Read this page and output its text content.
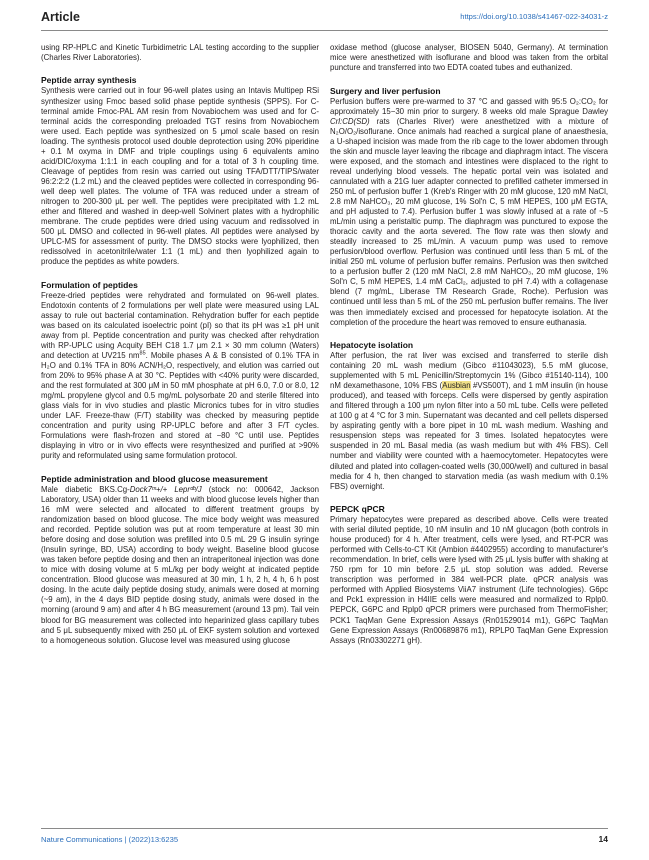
Article	https://doi.org/10.1038/s41467-022-34031-z

using RP-HPLC and Kinetic Turbidimetric LAL testing according to the supplier (Charles River Laboratories).

Peptide array synthesis

Synthesis were carried out in four 96-well plates using an Intavis Multipep RSi synthesizer using Fmoc based solid phase peptide synthesis (SPPS). For C-terminal amide Fmoc-PAL AM resin from Novabiochem was used and for C-terminal acids the corresponding preloaded TGT resins from Novabiochem were used. Each peptide was synthesized on 5 μmol scale based on resin loading. The synthesis protocol used double deprotection using 20% piperidine + 0.1 M oxyma in DMF and triple couplings using 6 equivalents amino acid/DIC/oxyma 1:1:1 in each coupling and for a total of 3 h coupling time. Cleavage of peptides from resin was carried out using TFA/DTT/TIPS/water 96:2:2:2 (1.2 mL) and the cleaved peptides were collected in corresponding 96-well deep well plates. The volume of TFA was reduced under a stream of nitrogen to 200-300 μL per well. The peptides were precipitated with 1.2 mL ether and filtered and washed in deep-well Solvinert plates with a hydrophilic membrane. The crude peptides were dried using vacuum and redissolved in 500 μL DMSO and collected in 96-well plates. All peptides were analysed by UPLC-MS for assessment of purity. The DMSO stocks were lyophilized, then redissolved in acetonitrile/water 1:1 (1 mL) and then lyophilized again to produce the peptides as white powders.

Formulation of peptides

Freeze-dried peptides were rehydrated and formulated on 96-well plates. Endotoxin contents of 2 formulations per well plate were measured using LAL assay to rule out bacterial contamination. Rehydration buffer for each peptide was based on its calculated isoelectric point (pI) so that its pH was ≥1 pH unit away from pI. Peptide concentration and purity was checked after rehydration with RP-UPLC using Acquity BEH C18 1.7 μm 2.1 × 30 mm column (Waters) and detection at UV215 $nm^{85}$. Mobile phases A & B consisted of 0.1% TFA in H₂O and 0.1% TFA in 80% ACN/H₂O, respectively, and elution was carried out from 20% to 95% phase A at 30 °C. Peptides with <40% purity were discarded, and the rest formulated at 300 μM in 50 mM phosphate at pH 6.0, 7.0 or 8.0, 12 mg/mL propylene glycol and 0.5 mg/mL polysorbate 20 and sterile filtered into glass vials for in vivo studies and plastic Micronics tubes for in vitro studies under LAF. Freeze-thaw (F/T) stability was checked by measuring peptide concentration and purity using RP-UPLC before and after 3 F/T cycles. Formulations were flash-frozen and stored at −80 °C until use. Peptides displaying in vitro or in vivo effects were resynthesized and purified at >90% purity and reformulated using same formulation protocol.

Peptide administration and blood glucose measurement

Male diabetic BKS.Cg-Dock7ᵐ+/+ Leprᵈᵇ/J (stock no: 000642, Jackson Laboratory, USA) older than 11 weeks and with blood glucose levels higher than 16 mM were selected and allocated to different treatment groups by randomization based on blood glucose. The mice body weight was measured and recorded. Peptide solution was put at room temperature at least 30 min before dosing and dose solution was prefilled into 0.5 mL 29 G insulin syringe (Insulin syringe, BD, USA) according to body weight. Baseline blood glucose was taken before peptide dosing and then an intraperitoneal injection was done to mice with dosing volume at 5 mL/kg per body weight at indicated peptide concentration. Blood glucose was measured at 30 min, 1 h, 2 h, 4 h, 6 h post dosing. In the acute daily peptide dosing study, animals were dosed at morning (~9 am), in the 4 days BID peptide dosing study, animals were dosed in the morning (around 9 am) and after 4 h BG measurement (around 13 pm). Tail vein blood for BG measurement was collected into heparinized glass capillary tubes and 5 μL subsequently mixed with 250 μL of EKF system solution and vortexed to a homogeneous solution. Glucose level was measured using glucose

oxidase method (glucose analyser, BIOSEN 5040, Germany). At termination mice were anesthetized with isoflurane and blood was taken from the orbital puncture and transferred into two EDTA coated tubes and euthanized.

Surgery and liver perfusion

Perfusion buffers were pre-warmed to 37 °C and gassed with 95:5 O₂:CO₂ for approximately 15−30 min prior to surgery. 8 weeks old male Sprague Dawley Crl:CD(SD) rats (Charles River) were anesthetized with a mixture of N₂O/O₂/isoflurane. Once animals had reached a surgical plane of anaesthesia, a U-shaped incision was made from the rib cage to the lower abdomen through the skin and muscle layer leaving the ribcage and diaphragm intact. The viscera were exposed, and the stomach and intestines were displaced to the right to reveal underlying blood vessels. The hepatic portal vein was isolated and cannulated with a 21G luer adapter connected to prefilled catheter immersed in 250 mL of perfusion buffer 1 (Kreb's Ringer with 20 mM glucose, 120 mM NaCl, 2.8 mM NaHCO₃, 20 mM glucose, 1% Sol'n C, 5 mM HEPES, 100 μM EGTA, and pH adjusted to 7.4). Perfusion buffer 1 was slowly infused at a rate of ~5 mL/min using a peristaltic pump. The diaphragm was punctured to expose the thoracic cavity and the aorta severed. The flow rate was then slowly and steadily increased to 25 mL/min. A vacuum pump was used to remove perfusion/blood overflow. Perfusion was continued until less than 5 mL of the initial 250 mL volume of perfusion buffer remains. Perfusion was then switched to a perfusion buffer 2 (120 mM NaCl, 2.8 mM NaHCO₃, 20 mM glucose, 1% Sol'n C, 5 mM HEPES, 1.4 mM CaCl₂, adjusted to pH 7.4) with a collagenase blend (7 mg/mL, Liberase TM Research Grade, Roche). Perfusion was continued until less than 5 mL of the 250 mL perfusion buffer remains. The liver was then immediately excised and processed for hepatocyte isolation. At the completion of the procedure the heart was removed to ensure euthanasia.

Hepatocyte isolation

After perfusion, the rat liver was excised and transferred to sterile dish containing 20 mL wash medium (Gibco #11043023), 5.5 mM glucose, supplemented with 5 mL Penicillin/Streptomycin 1% (Gibco #15140-114), 100 nM dexamethasone, 10% FBS (Ausbian #VS500T), and 1 mM insulin (in house produced), and teased with forceps. Cells were dispersed by gently aspiration and filtered through a 100 μm nylon filter into a 50 mL tube. Cells were pelleted at 100 g at 4 °C for 3 min. Supernatant was decanted and cell pellets dispersed by aspirating gently with a bore pipet in 10 mL wash medium. Washing and resuspension steps was repeated for 3 times. Isolated hepatocytes were suspended in 20 mL Basal media (as wash medium but with 4% FBS). Cell number and viability were counted with a haemocytometer. Hepatocytes were diluted and plated into collagen-coated wells (30,000/well) and cultured in basal media for 4 h, then changed to starvation media (as wash medium with 0.1% FBS) overnight.

PEPCK qPCR

Primary hepatocytes were prepared as described above. Cells were treated with serial diluted peptide, 10 nM insulin and 10 nM glucagon (both controls in house produced) for 4 h. After treatment, cells were lysed, and RT-PCR was performed with Cells-to-CT Kit (Ambion #4402955) according to manufacturer's recommendation. In brief, cells were lysed with 25 μL lysis buffer with shaking at 750 rpm for 10 min before 2.5 μL stop solution was added. Reverse transcription was performed in 384 well-PCR plate. qPCR analysis was performed with Applied Biosystems ViiA7 instrument (Life technologies). G6pc and Pck1 expression in H4IIE cells were measured and normalized to Rplp0. PEPCK, G6PC and Rplp0 qPCR primers were purchased from ThermoFisher; PCK1 TaqMan Gene Expression Assays (Rn01529014 m1), G6PC TaqMan Gene Expression Assays (Rn00689876 m1), RPLP0 TaqMan Gene Expression Assays (Rn03302271 gH).

Nature Communications | (2022)13:6235	14
